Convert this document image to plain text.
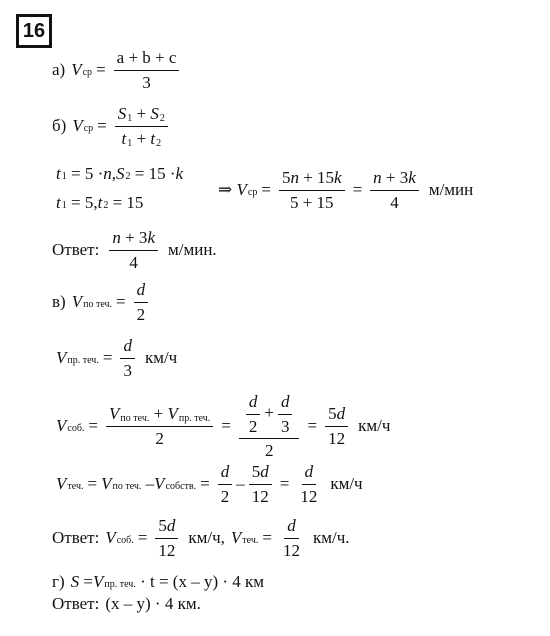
16
а) $V_{ср} = \frac{a + b + c}{3}$
б) $V_{ср} = \frac{S_1 + S_2}{t_1 + t_2}$
$t_1 = 5 \cdot n$ , $S_2 = 15 \cdot k$
$t_1 = 5$, $t_2 = 15$
⇒ $V_{ср} = \frac{5n + 15k}{5 + 15} = \frac{n + 3k}{4} м/мин$
Ответ: $\frac{n + 3k}{4} м/мин$.
в) $V_{по теч.} = \frac{d}{2}$
$V_{пр. теч.} = \frac{d}{3} км/ч$
$V_{соб.} = \frac{V_{по теч.} + V_{пр. теч.}}{2} = \frac{\frac{d}{2} + \frac{d}{3}}{2} = \frac{5d}{12} км/ч$
$V_{теч.} = V_{по теч.} - V_{собств.} = \frac{d}{2} - \frac{5d}{12} = \frac{d}{12} км/ч$
Ответ: $V_{соб.} = \frac{5d}{12} км/ч$, $V_{теч.} = \frac{d}{12} км/ч$.
г) $S = V_{пр. теч.}$
· t = (x – y) · 4 км
Ответ: (x – y) · 4 км.
